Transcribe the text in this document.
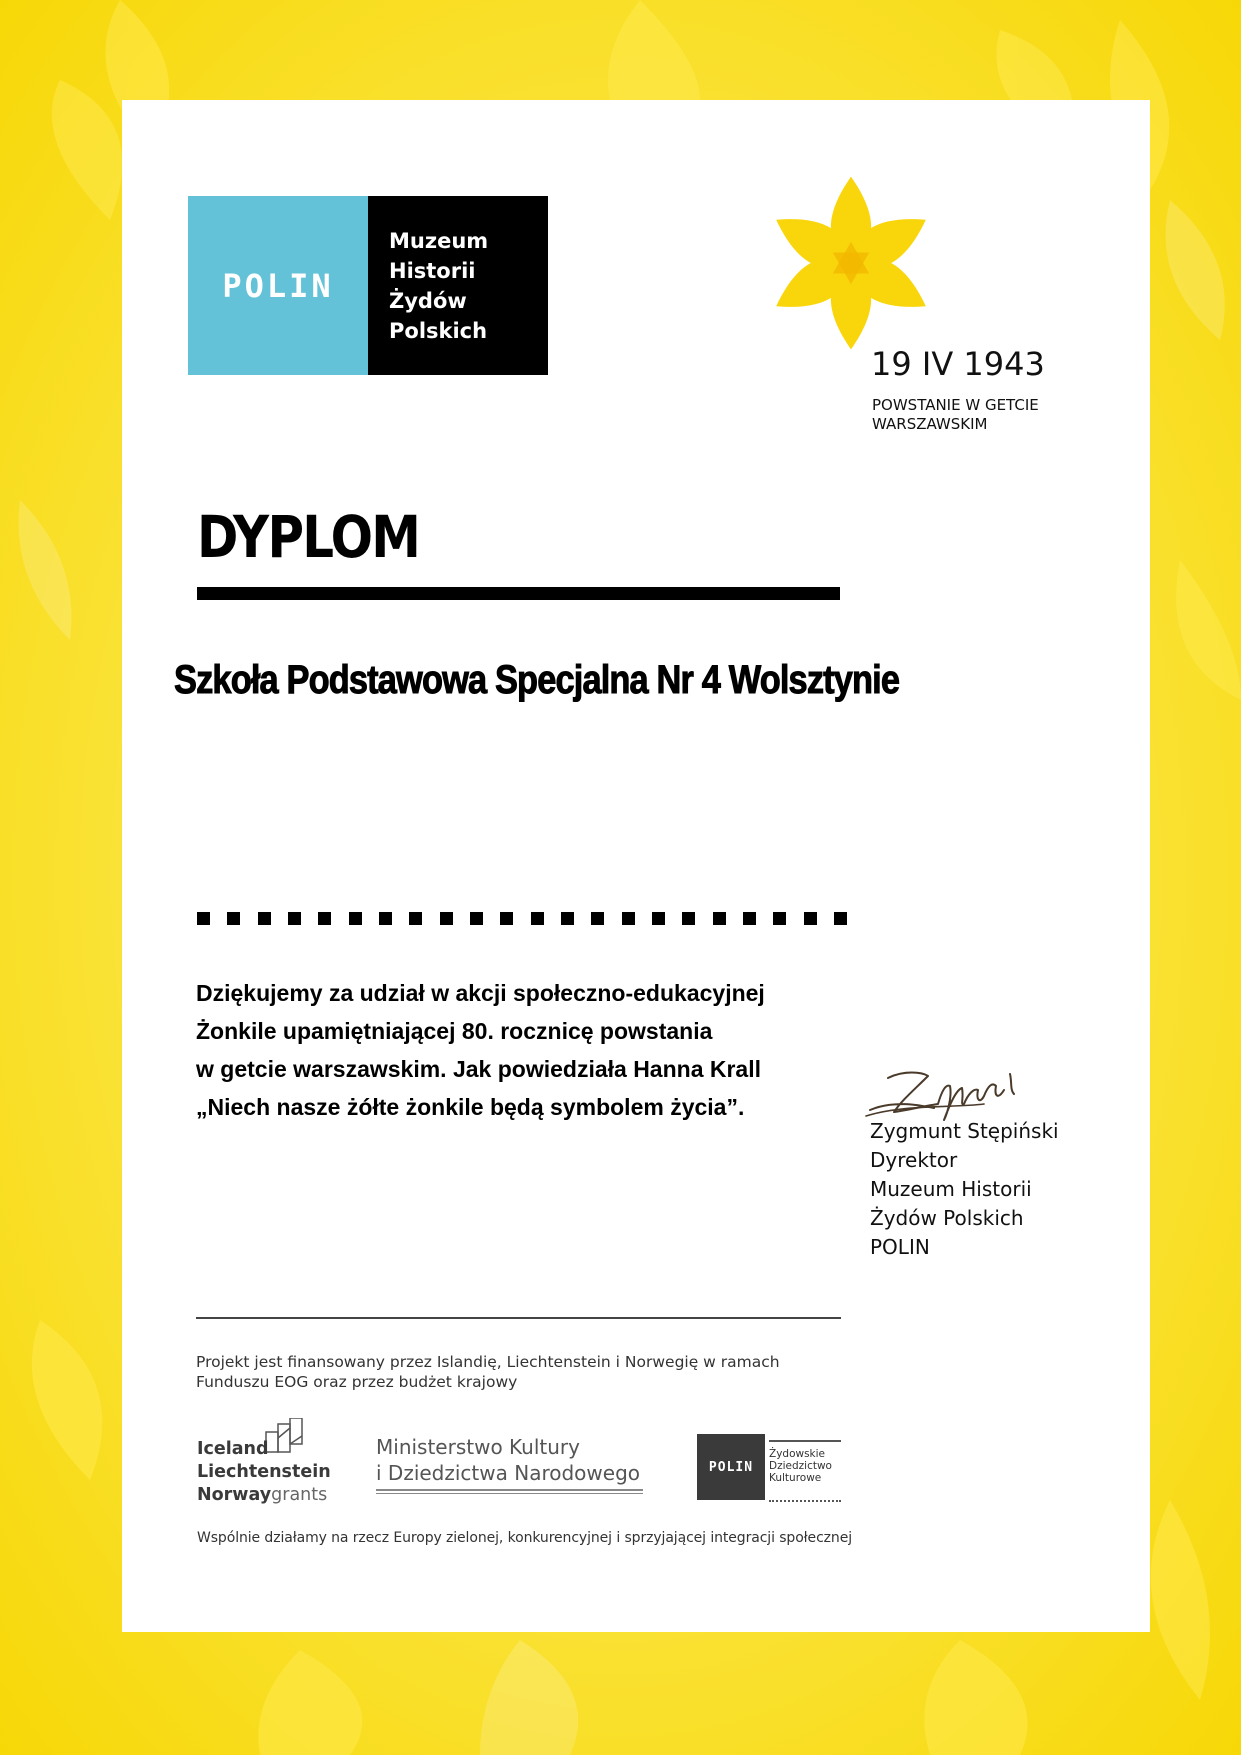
POLIN
Muzeum
Historii
Żydów
Polskich
19 IV 1943
POWSTANIE W GETCIE
WARSZAWSKIM
DYPLOM
Szkoła Podstawowa Specjalna Nr 4 Wolsztynie
Dziękujemy za udział w akcji społeczno-edukacyjnej
Żonkile upamiętniającej 80. rocznicę powstania
w getcie warszawskim. Jak powiedziała Hanna Krall
„Niech nasze żółte żonkile będą symbolem życia”.
Zygmunt Stępiński
Dyrektor
Muzeum Historii
Żydów Polskich
POLIN
Projekt jest finansowany przez Islandię, Liechtenstein i Norwegię w ramach
Funduszu EOG oraz przez budżet krajowy
Iceland
Liechtenstein
Norwaygrants
Ministerstwo Kultury
i Dziedzictwa Narodowego	POLIN
Żydowskie
Dziedzictwo
Kulturowe
Wspólnie działamy na rzecz Europy zielonej, konkurencyjnej i sprzyjającej integracji społecznej
